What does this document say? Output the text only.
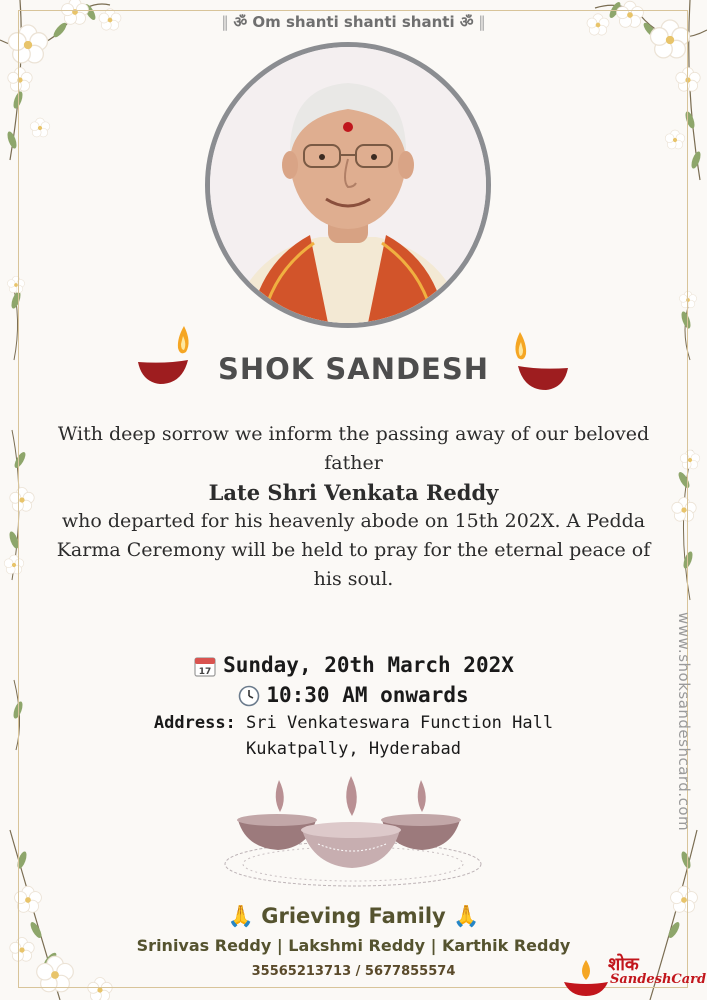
‖ ॐ Om shanti shanti shanti ॐ ‖
SHOK SANDESH
With deep sorrow we inform the passing away of our beloved father
Late Shri Venkata Reddy
who departed for his heavenly abode on 15th 202X. A Pedda Karma Ceremony will be held to pray for the eternal peace of his soul.
17 Sunday, 20th March 202X
10:30 AM onwards
Address: Sri Venkateswara Function Hall
Kukatpally, Hyderabad
🙏 Grieving Family 🙏
Srinivas Reddy | Lakshmi Reddy | Karthik Reddy
35565213713 / 5677855574
www.shoksandeshcard.com
शोक
SandeshCard
